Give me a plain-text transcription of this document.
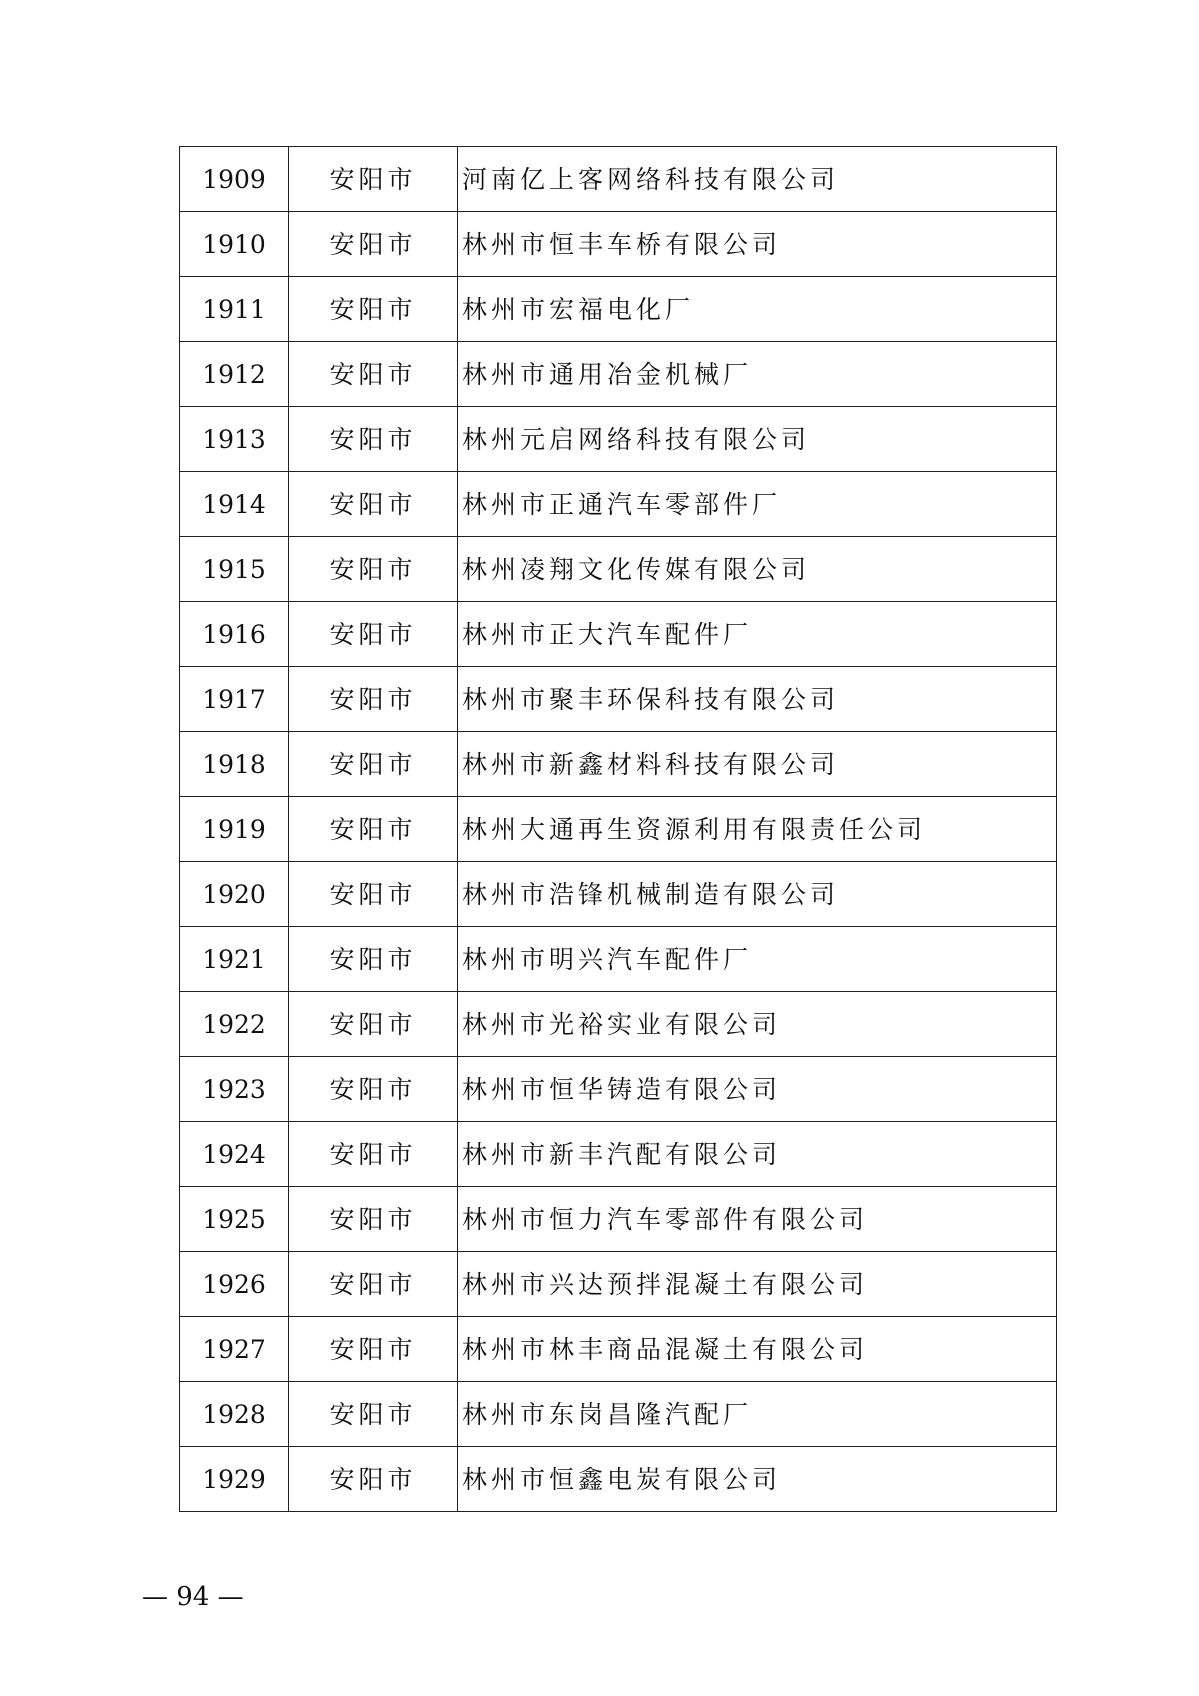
1909	安阳市	河南亿上客网络科技有限公司
1910	安阳市	林州市恒丰车桥有限公司
1911	安阳市	林州市宏福电化厂
1912	安阳市	林州市通用冶金机械厂
1913	安阳市	林州元启网络科技有限公司
1914	安阳市	林州市正通汽车零部件厂
1915	安阳市	林州凌翔文化传媒有限公司
1916	安阳市	林州市正大汽车配件厂
1917	安阳市	林州市聚丰环保科技有限公司
1918	安阳市	林州市新鑫材料科技有限公司
1919	安阳市	林州大通再生资源利用有限责任公司
1920	安阳市	林州市浩锋机械制造有限公司
1921	安阳市	林州市明兴汽车配件厂
1922	安阳市	林州市光裕实业有限公司
1923	安阳市	林州市恒华铸造有限公司
1924	安阳市	林州市新丰汽配有限公司
1925	安阳市	林州市恒力汽车零部件有限公司
1926	安阳市	林州市兴达预拌混凝土有限公司
1927	安阳市	林州市林丰商品混凝土有限公司
1928	安阳市	林州市东岗昌隆汽配厂
1929	安阳市	林州市恒鑫电炭有限公司
— 94 —
